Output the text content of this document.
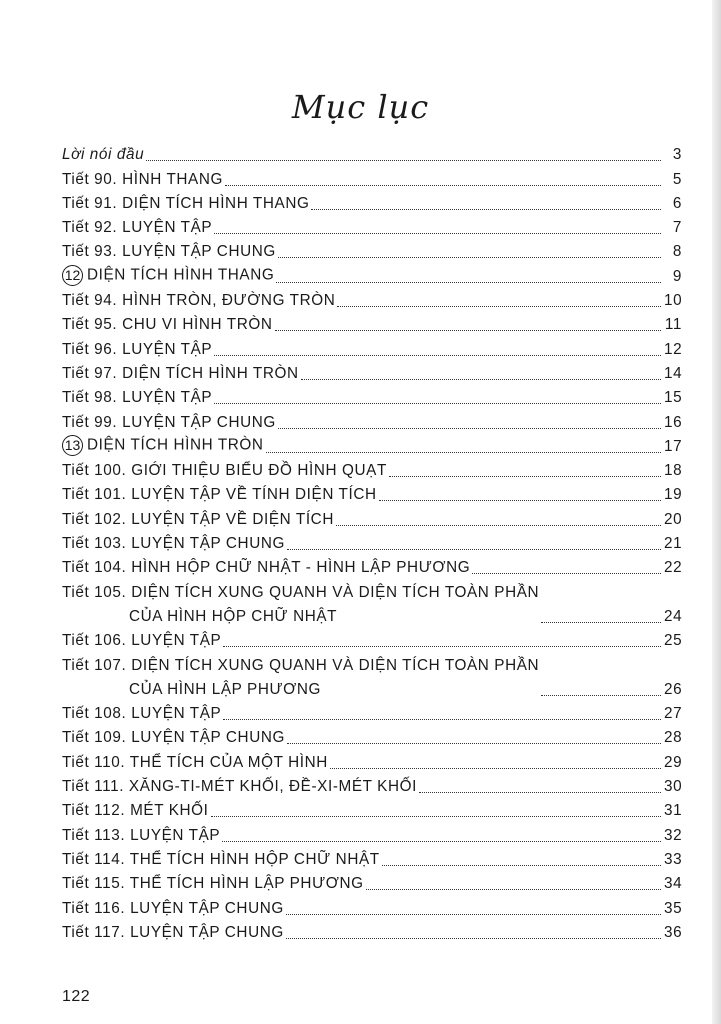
Mục lục
Lời nói đầu	3
Tiết 90. HÌNH THANG	5
Tiết 91. DIỆN TÍCH HÌNH THANG	6
Tiết 92. LUYỆN TẬP	7
Tiết 93. LUYỆN TẬP CHUNG	8
12 DIỆN TÍCH HÌNH THANG	9
Tiết 94. HÌNH TRÒN, ĐƯỜNG TRÒN	10
Tiết 95. CHU VI HÌNH TRÒN	11
Tiết 96. LUYỆN TẬP	12
Tiết 97. DIỆN TÍCH HÌNH TRÒN	14
Tiết 98. LUYỆN TẬP	15
Tiết 99. LUYỆN TẬP CHUNG	16
13 DIỆN TÍCH HÌNH TRÒN	17
Tiết 100. GIỚI THIỆU BIỂU ĐỒ HÌNH QUẠT	18
Tiết 101. LUYỆN TẬP VỀ TÍNH DIỆN TÍCH	19
Tiết 102. LUYỆN TẬP VỀ DIỆN TÍCH	20
Tiết 103. LUYỆN TẬP CHUNG	21
Tiết 104. HÌNH HỘP CHỮ NHẬT - HÌNH LẬP PHƯƠNG	22
Tiết 105. DIỆN TÍCH XUNG QUANH VÀ DIỆN TÍCH TOÀN PHẦN
CỦA HÌNH HỘP CHỮ NHẬT	24
Tiết 106. LUYỆN TẬP	25
Tiết 107. DIỆN TÍCH XUNG QUANH VÀ DIỆN TÍCH TOÀN PHẦN
CỦA HÌNH LẬP PHƯƠNG	26
Tiết 108. LUYỆN TẬP	27
Tiết 109. LUYỆN TẬP CHUNG	28
Tiết 110. THỂ TÍCH CỦA MỘT HÌNH	29
Tiết 111. XĂNG-TI-MÉT KHỐI, ĐỀ-XI-MÉT KHỐI	30
Tiết 112. MÉT KHỐI	31
Tiết 113. LUYỆN TẬP	32
Tiết 114. THỂ TÍCH HÌNH HỘP CHỮ NHẬT	33
Tiết 115. THỂ TÍCH HÌNH LẬP PHƯƠNG	34
Tiết 116. LUYỆN TẬP CHUNG	35
Tiết 117. LUYỆN TẬP CHUNG	36
122
